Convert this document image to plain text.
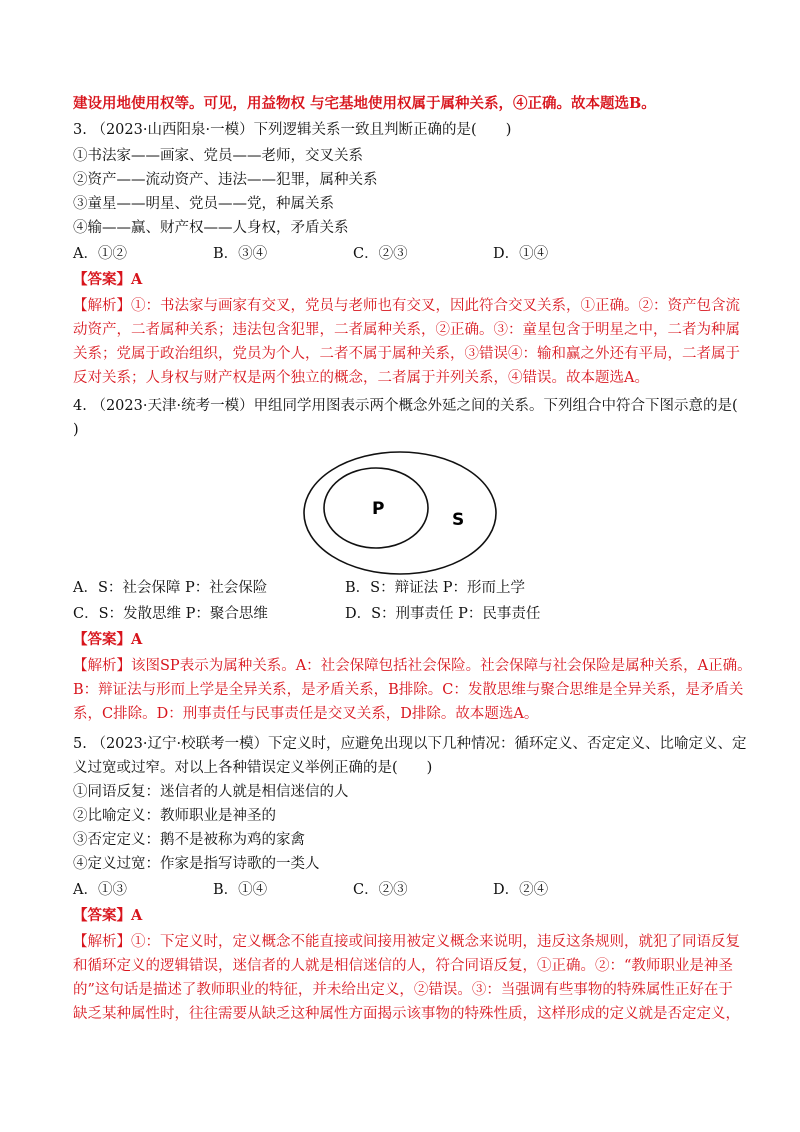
建设用地使用权等。可见，用益物权 与宅基地使用权属于属种关系，④正确。故本题选B。
3. （2023·山西阳泉·一模）下列逻辑关系一致且判断正确的是(　　)
①书法家——画家、党员——老师，交叉关系
②资产——流动资产、违法——犯罪，属种关系
③童星——明星、党员——党，种属关系
④输——赢、财产权——人身权，矛盾关系
A．①②	B．③④	C．②③	D．①④
【答案】A
【解析】①：书法家与画家有交叉，党员与老师也有交叉，因此符合交叉关系，①正确。②：资产包含流
动资产，二者属种关系；违法包含犯罪，二者属种关系，②正确。③：童星包含于明星之中，二者为种属
关系；党属于政治组织，党员为个人，二者不属于属种关系，③错误④：输和赢之外还有平局，二者属于
反对关系；人身权与财产权是两个独立的概念，二者属于并列关系，④错误。故本题选A。
4. （2023·天津·统考一模）甲组同学用图表示两个概念外延之间的关系。下列组合中符合下图示意的是(
)
P
S
A．S：社会保障 P：社会保险	B．S：辩证法 P：形而上学
C．S：发散思维 P：聚合思维	D．S：刑事责任 P：民事责任
【答案】A
【解析】该图SP表示为属种关系。A：社会保障包括社会保险。社会保障与社会保险是属种关系，A正确。
B：辩证法与形而上学是全异关系，是矛盾关系，B排除。C：发散思维与聚合思维是全异关系，是矛盾关
系，C排除。D：刑事责任与民事责任是交叉关系，D排除。故本题选A。
5. （2023·辽宁·校联考一模）下定义时，应避免出现以下几种情况：循环定义、否定定义、比喻定义、定
义过宽或过窄。对以上各种错误定义举例正确的是(　　)
①同语反复：迷信者的人就是相信迷信的人
②比喻定义：教师职业是神圣的
③否定定义：鹅不是被称为鸡的家禽
④定义过宽：作家是指写诗歌的一类人
A．①③	B．①④	C．②③	D．②④
【答案】A
【解析】①：下定义时，定义概念不能直接或间接用被定义概念来说明，违反这条规则，就犯了同语反复
和循环定义的逻辑错误，迷信者的人就是相信迷信的人，符合同语反复，①正确。②：“教师职业是神圣
的”这句话是描述了教师职业的特征，并未给出定义，②错误。③：当强调有些事物的特殊属性正好在于
缺乏某种属性时，往往需要从缺乏这种属性方面揭示该事物的特殊性质，这样形成的定义就是否定定义，
